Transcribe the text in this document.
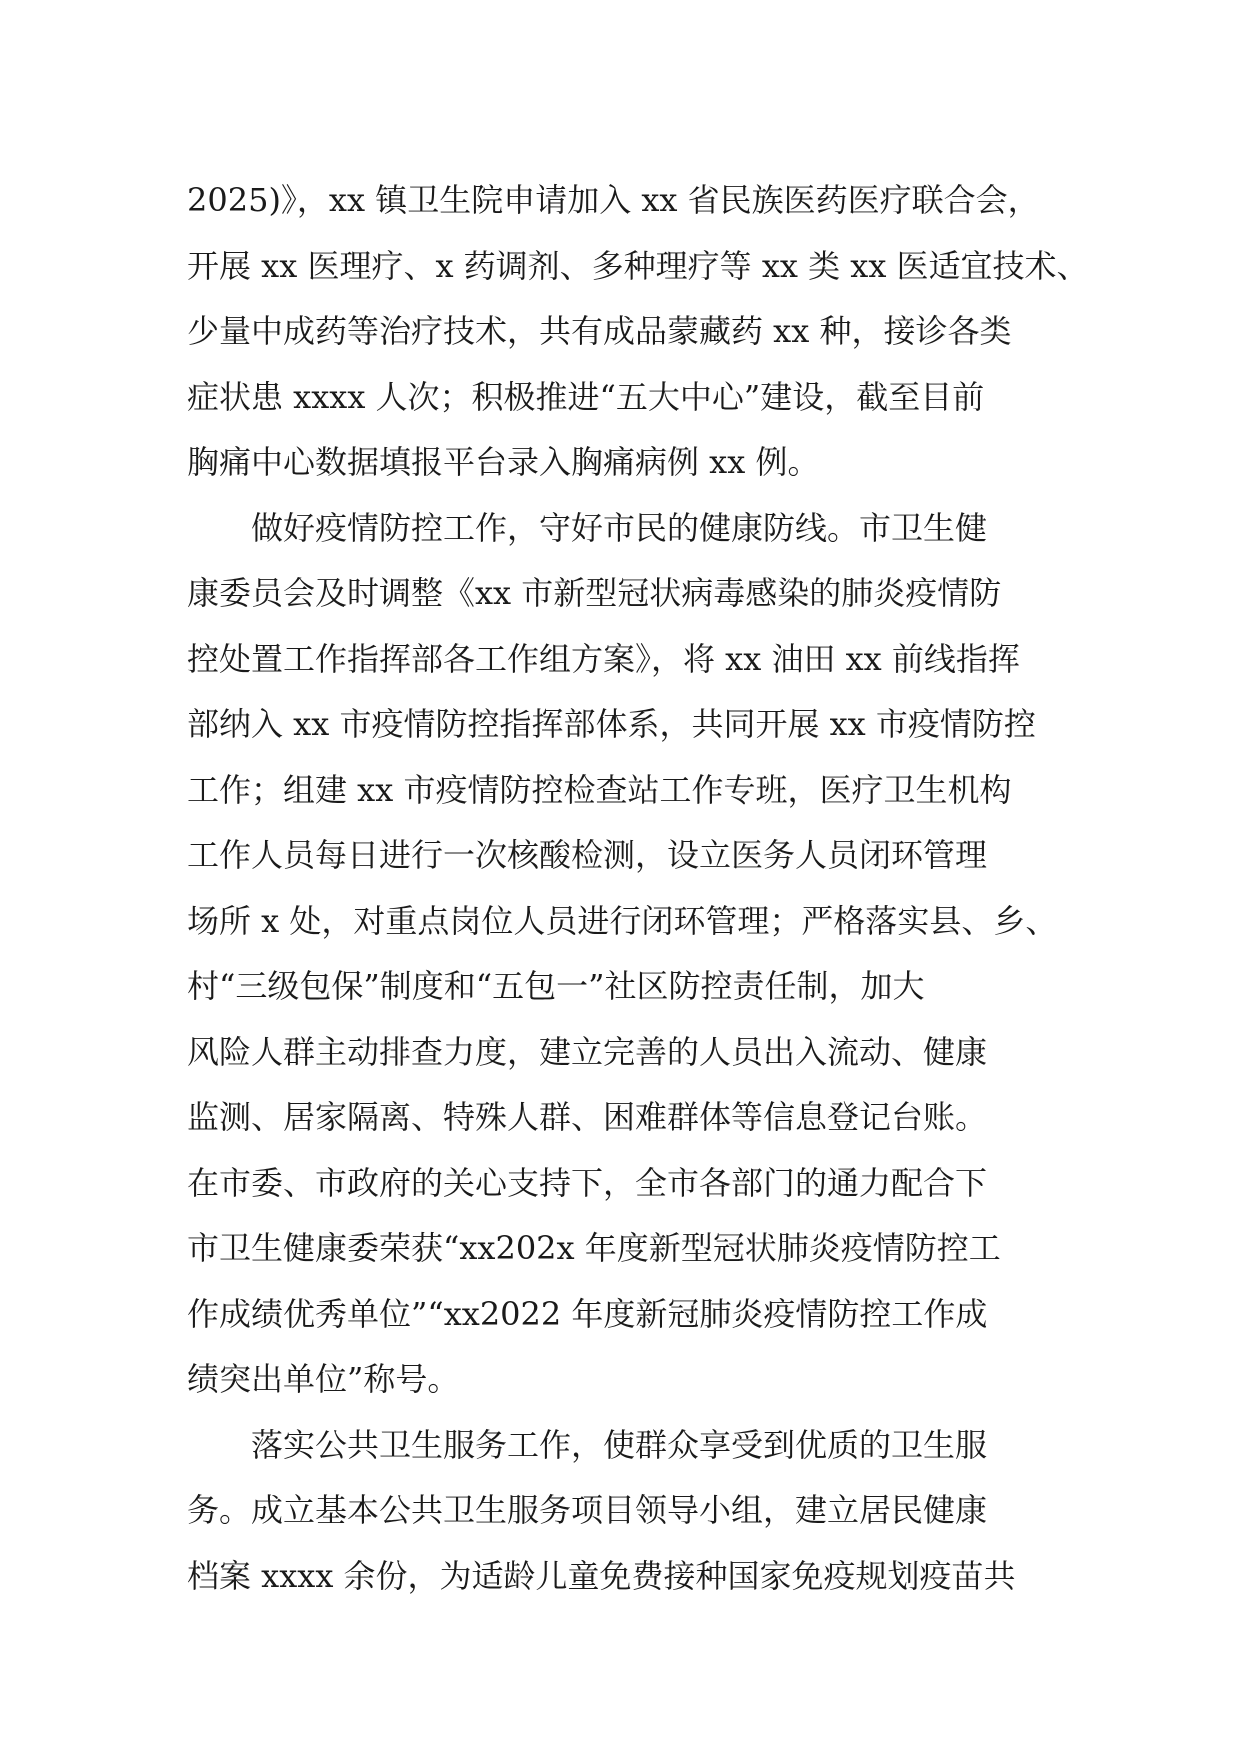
2025)》，xx 镇卫生院申请加入 xx 省民族医药医疗联合会，
开展 xx 医理疗、x 药调剂、多种理疗等 xx 类 xx 医适宜技术、
少量中成药等治疗技术，共有成品蒙藏药 xx 种，接诊各类
症状患 xxxx 人次；积极推进“五大中心”建设，截至目前
胸痛中心数据填报平台录入胸痛病例 xx 例。
做好疫情防控工作，守好市民的健康防线。市卫生健
康委员会及时调整《xx 市新型冠状病毒感染的肺炎疫情防
控处置工作指挥部各工作组方案》，将 xx 油田 xx 前线指挥
部纳入 xx 市疫情防控指挥部体系，共同开展 xx 市疫情防控
工作；组建 xx 市疫情防控检查站工作专班，医疗卫生机构
工作人员每日进行一次核酸检测，设立医务人员闭环管理
场所 x 处，对重点岗位人员进行闭环管理；严格落实县、乡、
村“三级包保”制度和“五包一”社区防控责任制，加大
风险人群主动排查力度，建立完善的人员出入流动、健康
监测、居家隔离、特殊人群、困难群体等信息登记台账。
在市委、市政府的关心支持下，全市各部门的通力配合下
市卫生健康委荣获“xx202x 年度新型冠状肺炎疫情防控工
作成绩优秀单位”“xx2022 年度新冠肺炎疫情防控工作成
绩突出单位”称号。
落实公共卫生服务工作，使群众享受到优质的卫生服
务。成立基本公共卫生服务项目领导小组，建立居民健康
档案 xxxx 余份，为适龄儿童免费接种国家免疫规划疫苗共
